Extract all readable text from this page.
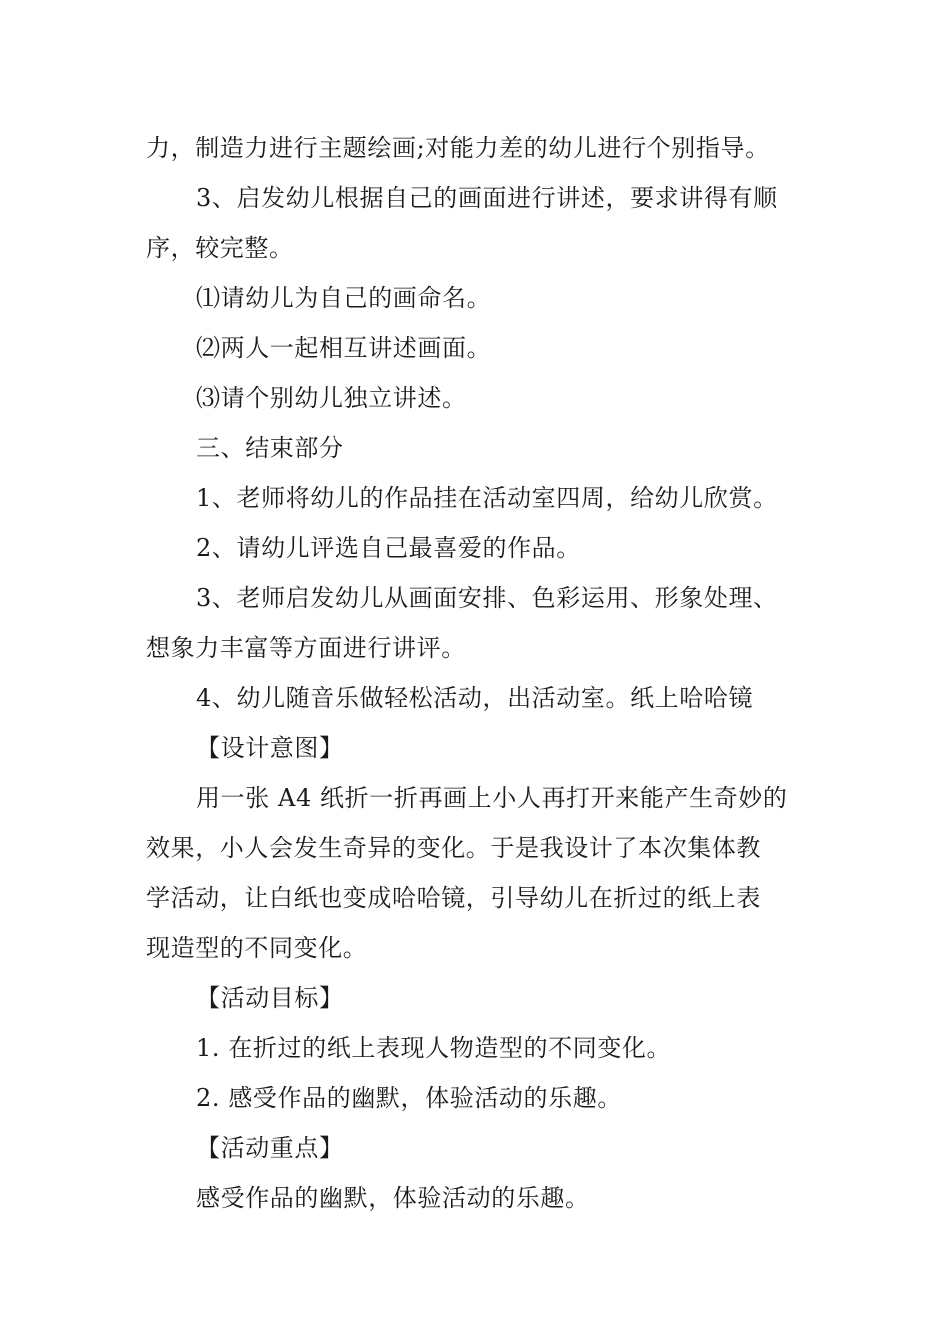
力，制造力进行主题绘画;对能力差的幼儿进行个别指导。
3、启发幼儿根据自己的画面进行讲述，要求讲得有顺
序，较完整。
⑴请幼儿为自己的画命名。
⑵两人一起相互讲述画面。
⑶请个别幼儿独立讲述。
三、结束部分
1、老师将幼儿的作品挂在活动室四周，给幼儿欣赏。
2、请幼儿评选自己最喜爱的作品。
3、老师启发幼儿从画面安排、色彩运用、形象处理、
想象力丰富等方面进行讲评。
4、幼儿随音乐做轻松活动，出活动室。纸上哈哈镜
【设计意图】
用一张 A4 纸折一折再画上小人再打开来能产生奇妙的
效果，小人会发生奇异的变化。于是我设计了本次集体教
学活动，让白纸也变成哈哈镜，引导幼儿在折过的纸上表
现造型的不同变化。
【活动目标】
1. 在折过的纸上表现人物造型的不同变化。
2. 感受作品的幽默，体验活动的乐趣。
【活动重点】
感受作品的幽默，体验活动的乐趣。
